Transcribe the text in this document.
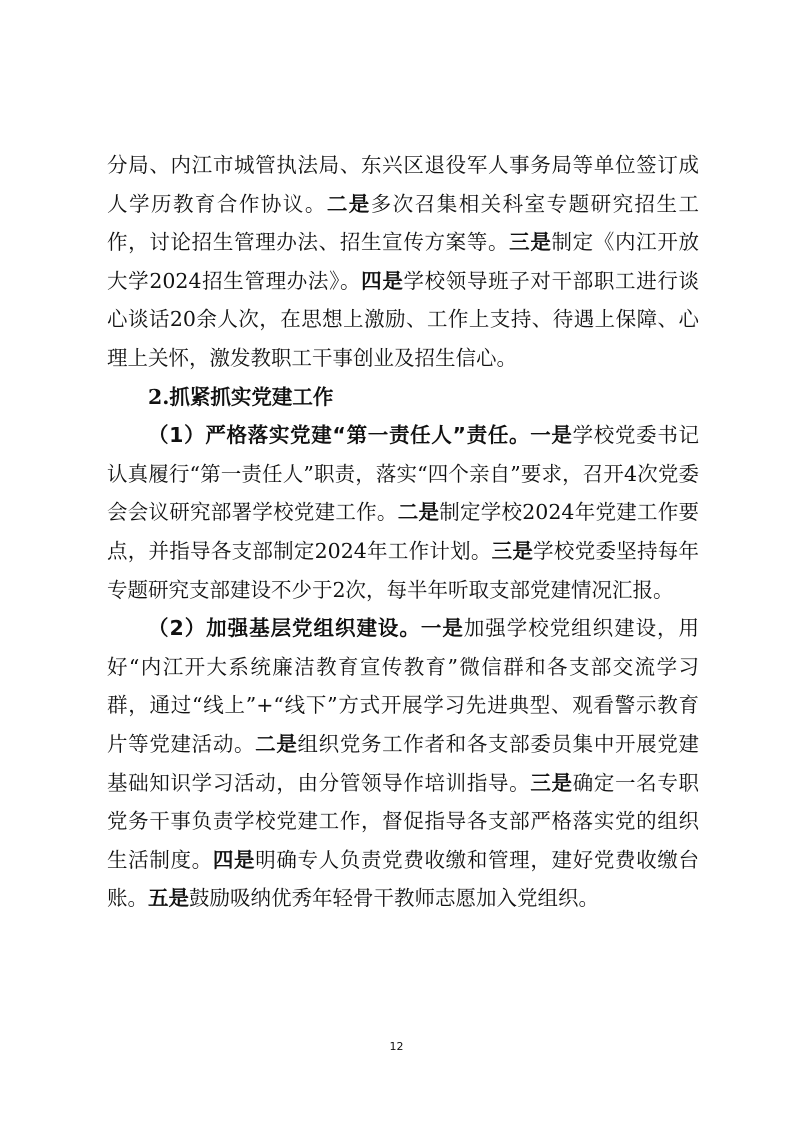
分局、内江市城管执法局、东兴区退役军人事务局等单位签订成人学历教育合作协议。二是多次召集相关科室专题研究招生工作，讨论招生管理办法、招生宣传方案等。三是制定《内江开放大学2024招生管理办法》。四是学校领导班子对干部职工进行谈心谈话20余人次，在思想上激励、工作上支持、待遇上保障、心理上关怀，激发教职工干事创业及招生信心。

2.抓紧抓实党建工作

（1）严格落实党建“第一责任人”责任。一是学校党委书记认真履行“第一责任人”职责，落实“四个亲自”要求，召开4次党委会会议研究部署学校党建工作。二是制定学校2024年党建工作要点，并指导各支部制定2024年工作计划。三是学校党委坚持每年专题研究支部建设不少于2次，每半年听取支部党建情况汇报。

（2）加强基层党组织建设。一是加强学校党组织建设，用好“内江开大系统廉洁教育宣传教育”微信群和各支部交流学习群，通过“线上”+“线下”方式开展学习先进典型、观看警示教育片等党建活动。二是组织党务工作者和各支部委员集中开展党建基础知识学习活动，由分管领导作培训指导。三是确定一名专职党务干事负责学校党建工作，督促指导各支部严格落实党的组织生活制度。四是明确专人负责党费收缴和管理，建好党费收缴台账。五是鼓励吸纳优秀年轻骨干教师志愿加入党组织。

12
